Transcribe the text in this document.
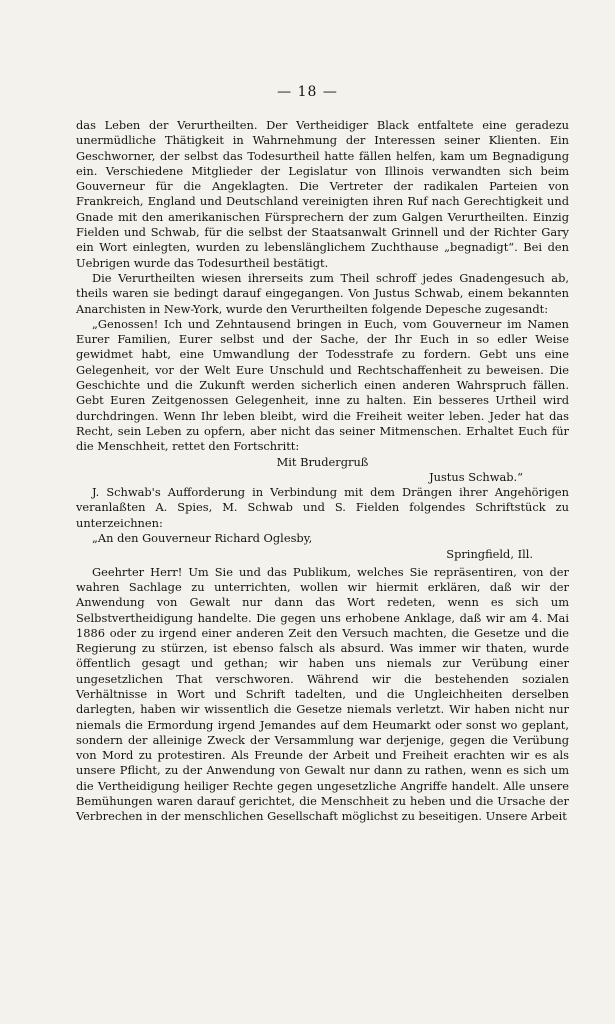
— 18 —

das Leben der Verurtheilten. Der Vertheidiger Black entfaltete eine geradezu unermüdliche Thätigkeit in Wahrnehmung der Interessen seiner Klienten. Ein Geschworner, der selbst das Todesurtheil hatte fällen helfen, kam um Begnadigung ein. Verschiedene Mitglieder der Legislatur von Illinois verwandten sich beim Gouverneur für die Angeklagten. Die Vertreter der radikalen Parteien von Frankreich, England und Deutschland vereinigten ihren Ruf nach Gerechtigkeit und Gnade mit den amerikanischen Fürsprechern der zum Galgen Verurtheilten. Einzig Fielden und Schwab, für die selbst der Staatsanwalt Grinnell und der Richter Gary ein Wort einlegten, wurden zu lebenslänglichem Zuchthause „begnadigt“. Bei den Uebrigen wurde das Todesurtheil bestätigt.

Die Verurtheilten wiesen ihrerseits zum Theil schroff jedes Gnadengesuch ab, theils waren sie bedingt darauf eingegangen. Von Justus Schwab, einem bekannten Anarchisten in New-York, wurde den Verurtheilten folgende Depesche zugesandt:

„Genossen! Ich und Zehntausend bringen in Euch, vom Gouverneur im Namen Eurer Familien, Eurer selbst und der Sache, der Ihr Euch in so edler Weise gewidmet habt, eine Umwandlung der Todesstrafe zu fordern. Gebt uns eine Gelegenheit, vor der Welt Eure Unschuld und Rechtschaffenheit zu beweisen. Die Geschichte und die Zukunft werden sicherlich einen anderen Wahrspruch fällen. Gebt Euren Zeitgenossen Gelegenheit, inne zu halten. Ein besseres Urtheil wird durchdringen. Wenn Ihr leben bleibt, wird die Freiheit weiter leben. Jeder hat das Recht, sein Leben zu opfern, aber nicht das seiner Mitmenschen. Erhaltet Euch für die Menschheit, rettet den Fortschritt:

Mit Brudergruß

Justus Schwab.“

J. Schwab's Aufforderung in Verbindung mit dem Drängen ihrer Angehörigen veranlaßten A. Spies, M. Schwab und S. Fielden folgendes Schriftstück zu unterzeichnen:

„An den Gouverneur Richard Oglesby,

Springfield, Ill.

Geehrter Herr! Um Sie und das Publikum, welches Sie repräsentiren, von der wahren Sachlage zu unterrichten, wollen wir hiermit erklären, daß wir der Anwendung von Gewalt nur dann das Wort redeten, wenn es sich um Selbstvertheidigung handelte. Die gegen uns erhobene Anklage, daß wir am 4. Mai 1886 oder zu irgend einer anderen Zeit den Versuch machten, die Gesetze und die Regierung zu stürzen, ist ebenso falsch als absurd. Was immer wir thaten, wurde öffentlich gesagt und gethan; wir haben uns niemals zur Verübung einer ungesetzlichen That verschworen. Während wir die bestehenden sozialen Verhältnisse in Wort und Schrift tadelten, und die Ungleichheiten derselben darlegten, haben wir wissentlich die Gesetze niemals verletzt. Wir haben nicht nur niemals die Ermordung irgend Jemandes auf dem Heumarkt oder sonst wo geplant, sondern der alleinige Zweck der Versammlung war derjenige, gegen die Verübung von Mord zu protestiren. Als Freunde der Arbeit und Freiheit erachten wir es als unsere Pflicht, zu der Anwendung von Gewalt nur dann zu rathen, wenn es sich um die Vertheidigung heiliger Rechte gegen ungesetzliche Angriffe handelt. Alle unsere Bemühungen waren darauf gerichtet, die Menschheit zu heben und die Ursache der Verbrechen in der menschlichen Gesellschaft möglichst zu beseitigen. Unsere Arbeit
